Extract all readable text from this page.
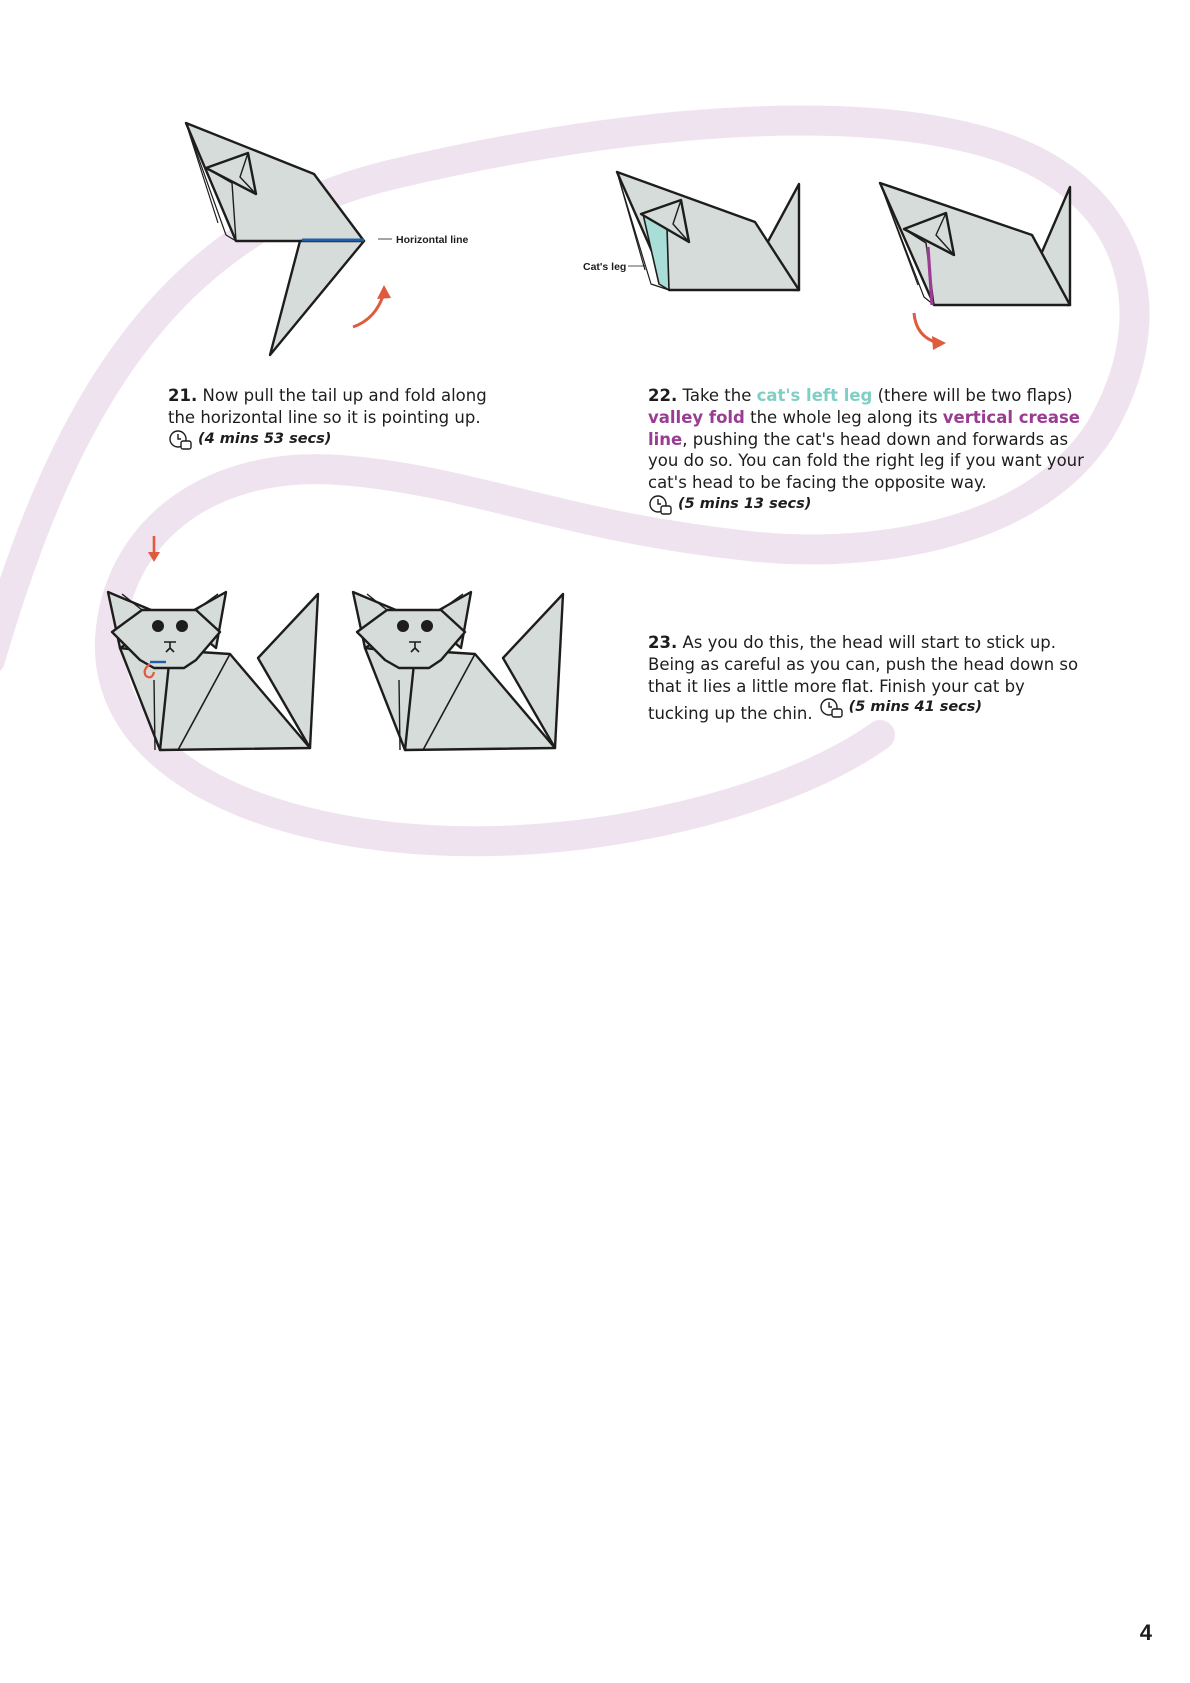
Horizontal line
Cat's leg

21. Now pull the tail up and fold along

the horizontal line so it is pointing up.

(4 mins 53 secs)

22. Take the cat's left leg (there will be two flaps)

valley fold the whole leg along its vertical crease

line, pushing the cat's head down and forwards as

you do so. You can fold the right leg if you want your

cat's head to be facing the opposite way.

(5 mins 13 secs)

23. As you do this, the head will start to stick up.

Being as careful as you can, push the head down so

that it lies a little more flat. Finish your cat by

tucking up the chin. (5 mins 41 secs)

4
